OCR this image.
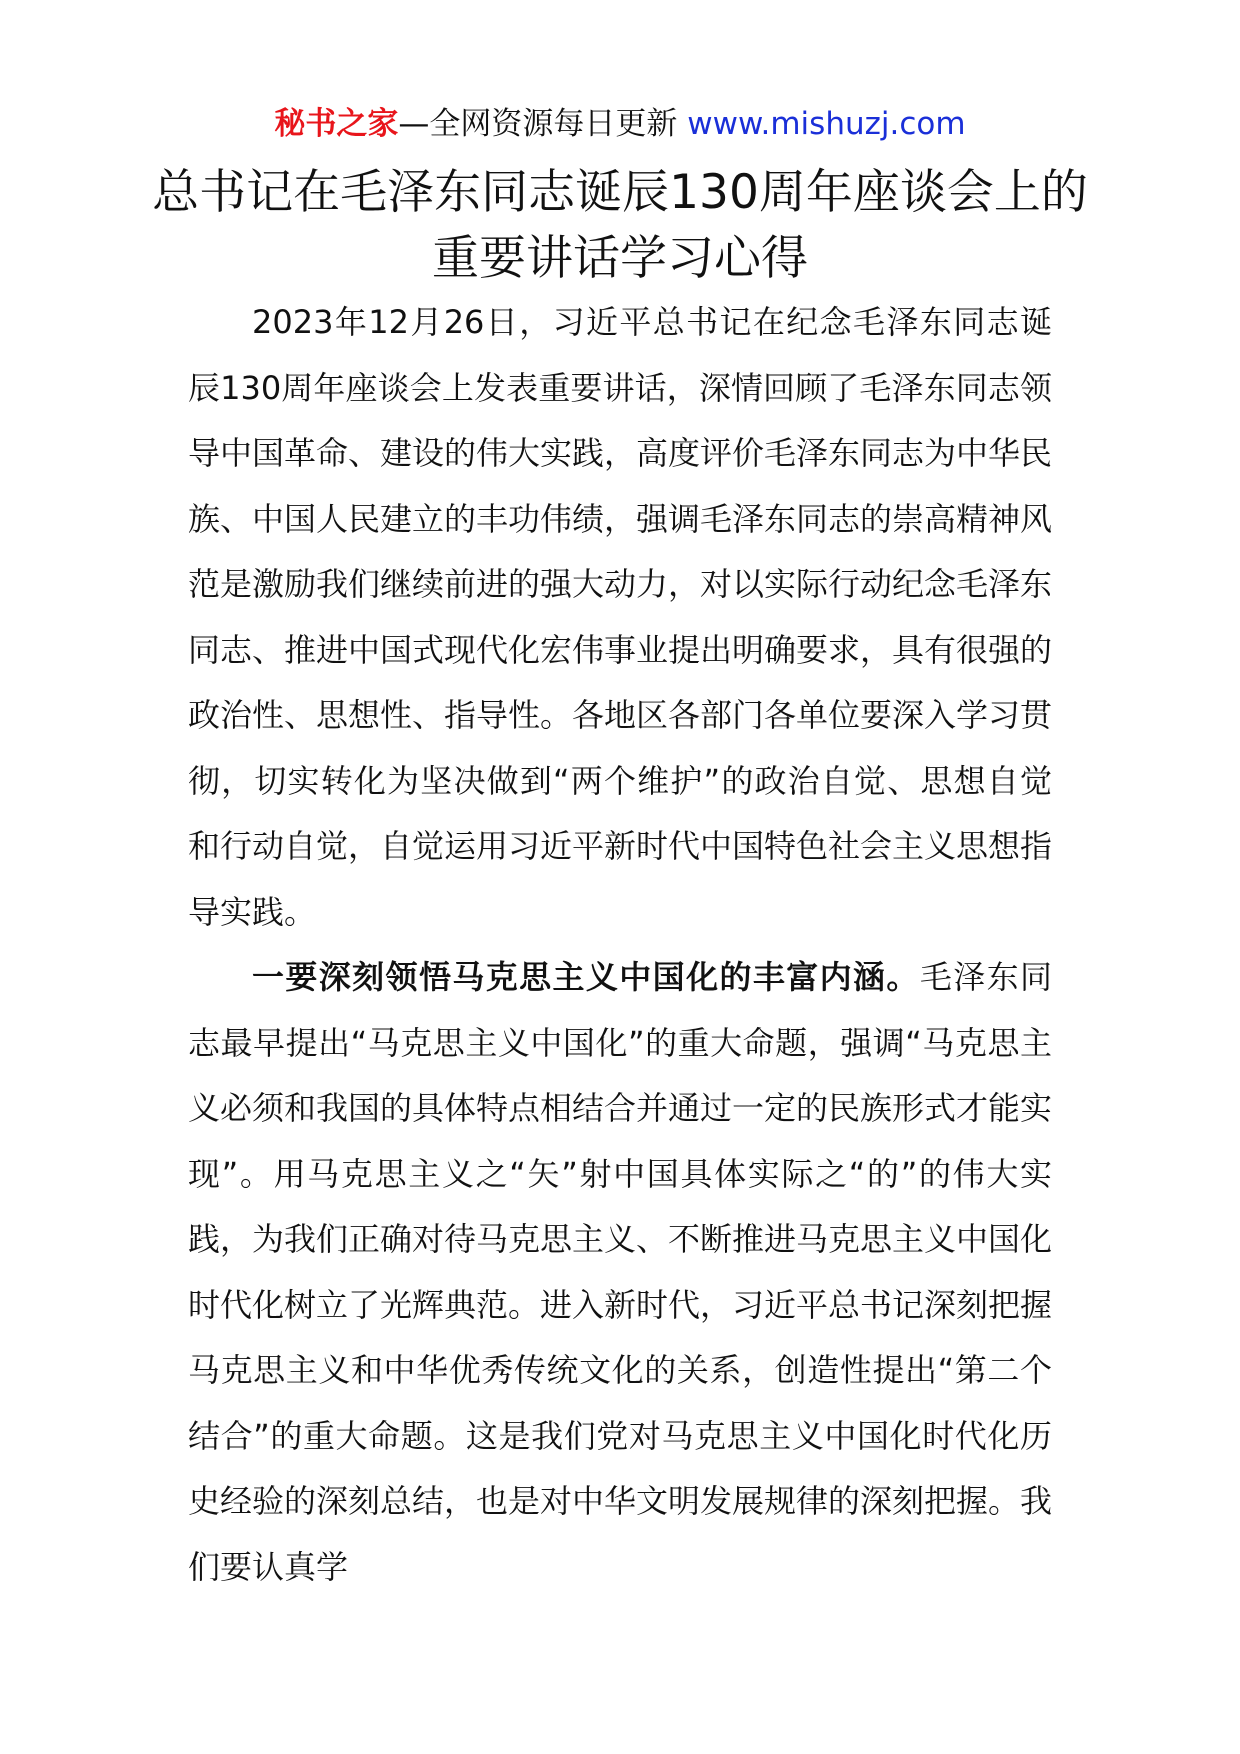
秘书之家—全网资源每日更新 www.mishuzj.com
总书记在毛泽东同志诞辰130周年座谈会上的重要讲话学习心得

2023年12月26日，习近平总书记在纪念毛泽东同志诞辰130周年座谈会上发表重要讲话，深情回顾了毛泽东同志领导中国革命、建设的伟大实践，高度评价毛泽东同志为中华民族、中国人民建立的丰功伟绩，强调毛泽东同志的崇高精神风范是激励我们继续前进的强大动力，对以实际行动纪念毛泽东同志、推进中国式现代化宏伟事业提出明确要求，具有很强的政治性、思想性、指导性。各地区各部门各单位要深入学习贯彻，切实转化为坚决做到“两个维护”的政治自觉、思想自觉和行动自觉，自觉运用习近平新时代中国特色社会主义思想指导实践。

一要深刻领悟马克思主义中国化的丰富内涵。毛泽东同志最早提出“马克思主义中国化”的重大命题，强调“马克思主义必须和我国的具体特点相结合并通过一定的民族形式才能实现”。用马克思主义之“矢”射中国具体实际之“的”的伟大实践，为我们正确对待马克思主义、不断推进马克思主义中国化时代化树立了光辉典范。进入新时代，习近平总书记深刻把握马克思主义和中华优秀传统文化的关系，创造性提出“第二个结合”的重大命题。这是我们党对马克思主义中国化时代化历史经验的深刻总结，也是对中华文明发展规律的深刻把握。我们要认真学
